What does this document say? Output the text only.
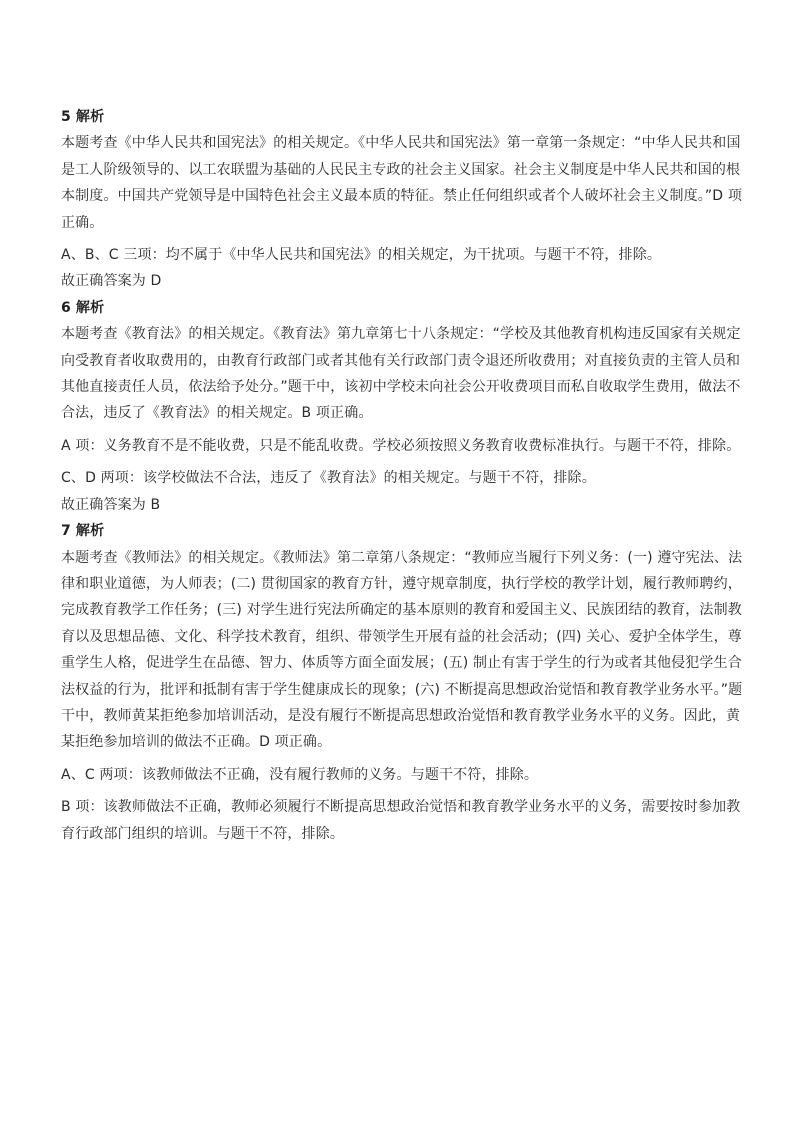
5 解析

本题考查《中华人民共和国宪法》的相关规定。《中华人民共和国宪法》第一章第一条规定：“中华人民共和国是工人阶级领导的、以工农联盟为基础的人民民主专政的社会主义国家。社会主义制度是中华人民共和国的根本制度。中国共产党领导是中国特色社会主义最本质的特征。禁止任何组织或者个人破坏社会主义制度。”D 项正确。

A、B、C 三项：均不属于《中华人民共和国宪法》的相关规定，为干扰项。与题干不符，排除。

故正确答案为 D

6 解析

本题考查《教育法》的相关规定。《教育法》第九章第七十八条规定：“学校及其他教育机构违反国家有关规定向受教育者收取费用的，由教育行政部门或者其他有关行政部门责令退还所收费用；对直接负责的主管人员和其他直接责任人员，依法给予处分。”题干中，该初中学校未向社会公开收费项目而私自收取学生费用，做法不合法，违反了《教育法》的相关规定。B 项正确。

A 项：义务教育不是不能收费，只是不能乱收费。学校必须按照义务教育收费标准执行。与题干不符，排除。

C、D 两项：该学校做法不合法，违反了《教育法》的相关规定。与题干不符，排除。

故正确答案为 B

7 解析

本题考查《教师法》的相关规定。《教师法》第二章第八条规定：“教师应当履行下列义务：(一) 遵守宪法、法律和职业道德，为人师表；(二) 贯彻国家的教育方针，遵守规章制度，执行学校的教学计划，履行教师聘约，完成教育教学工作任务；(三) 对学生进行宪法所确定的基本原则的教育和爱国主义、民族团结的教育，法制教育以及思想品德、文化、科学技术教育，组织、带领学生开展有益的社会活动；(四) 关心、爱护全体学生，尊重学生人格，促进学生在品德、智力、体质等方面全面发展；(五) 制止有害于学生的行为或者其他侵犯学生合法权益的行为，批评和抵制有害于学生健康成长的现象；(六) 不断提高思想政治觉悟和教育教学业务水平。”题干中，教师黄某拒绝参加培训活动，是没有履行不断提高思想政治觉悟和教育教学业务水平的义务。因此，黄某拒绝参加培训的做法不正确。D 项正确。

A、C 两项：该教师做法不正确，没有履行教师的义务。与题干不符，排除。

B 项：该教师做法不正确，教师必须履行不断提高思想政治觉悟和教育教学业务水平的义务，需要按时参加教育行政部门组织的培训。与题干不符，排除。
